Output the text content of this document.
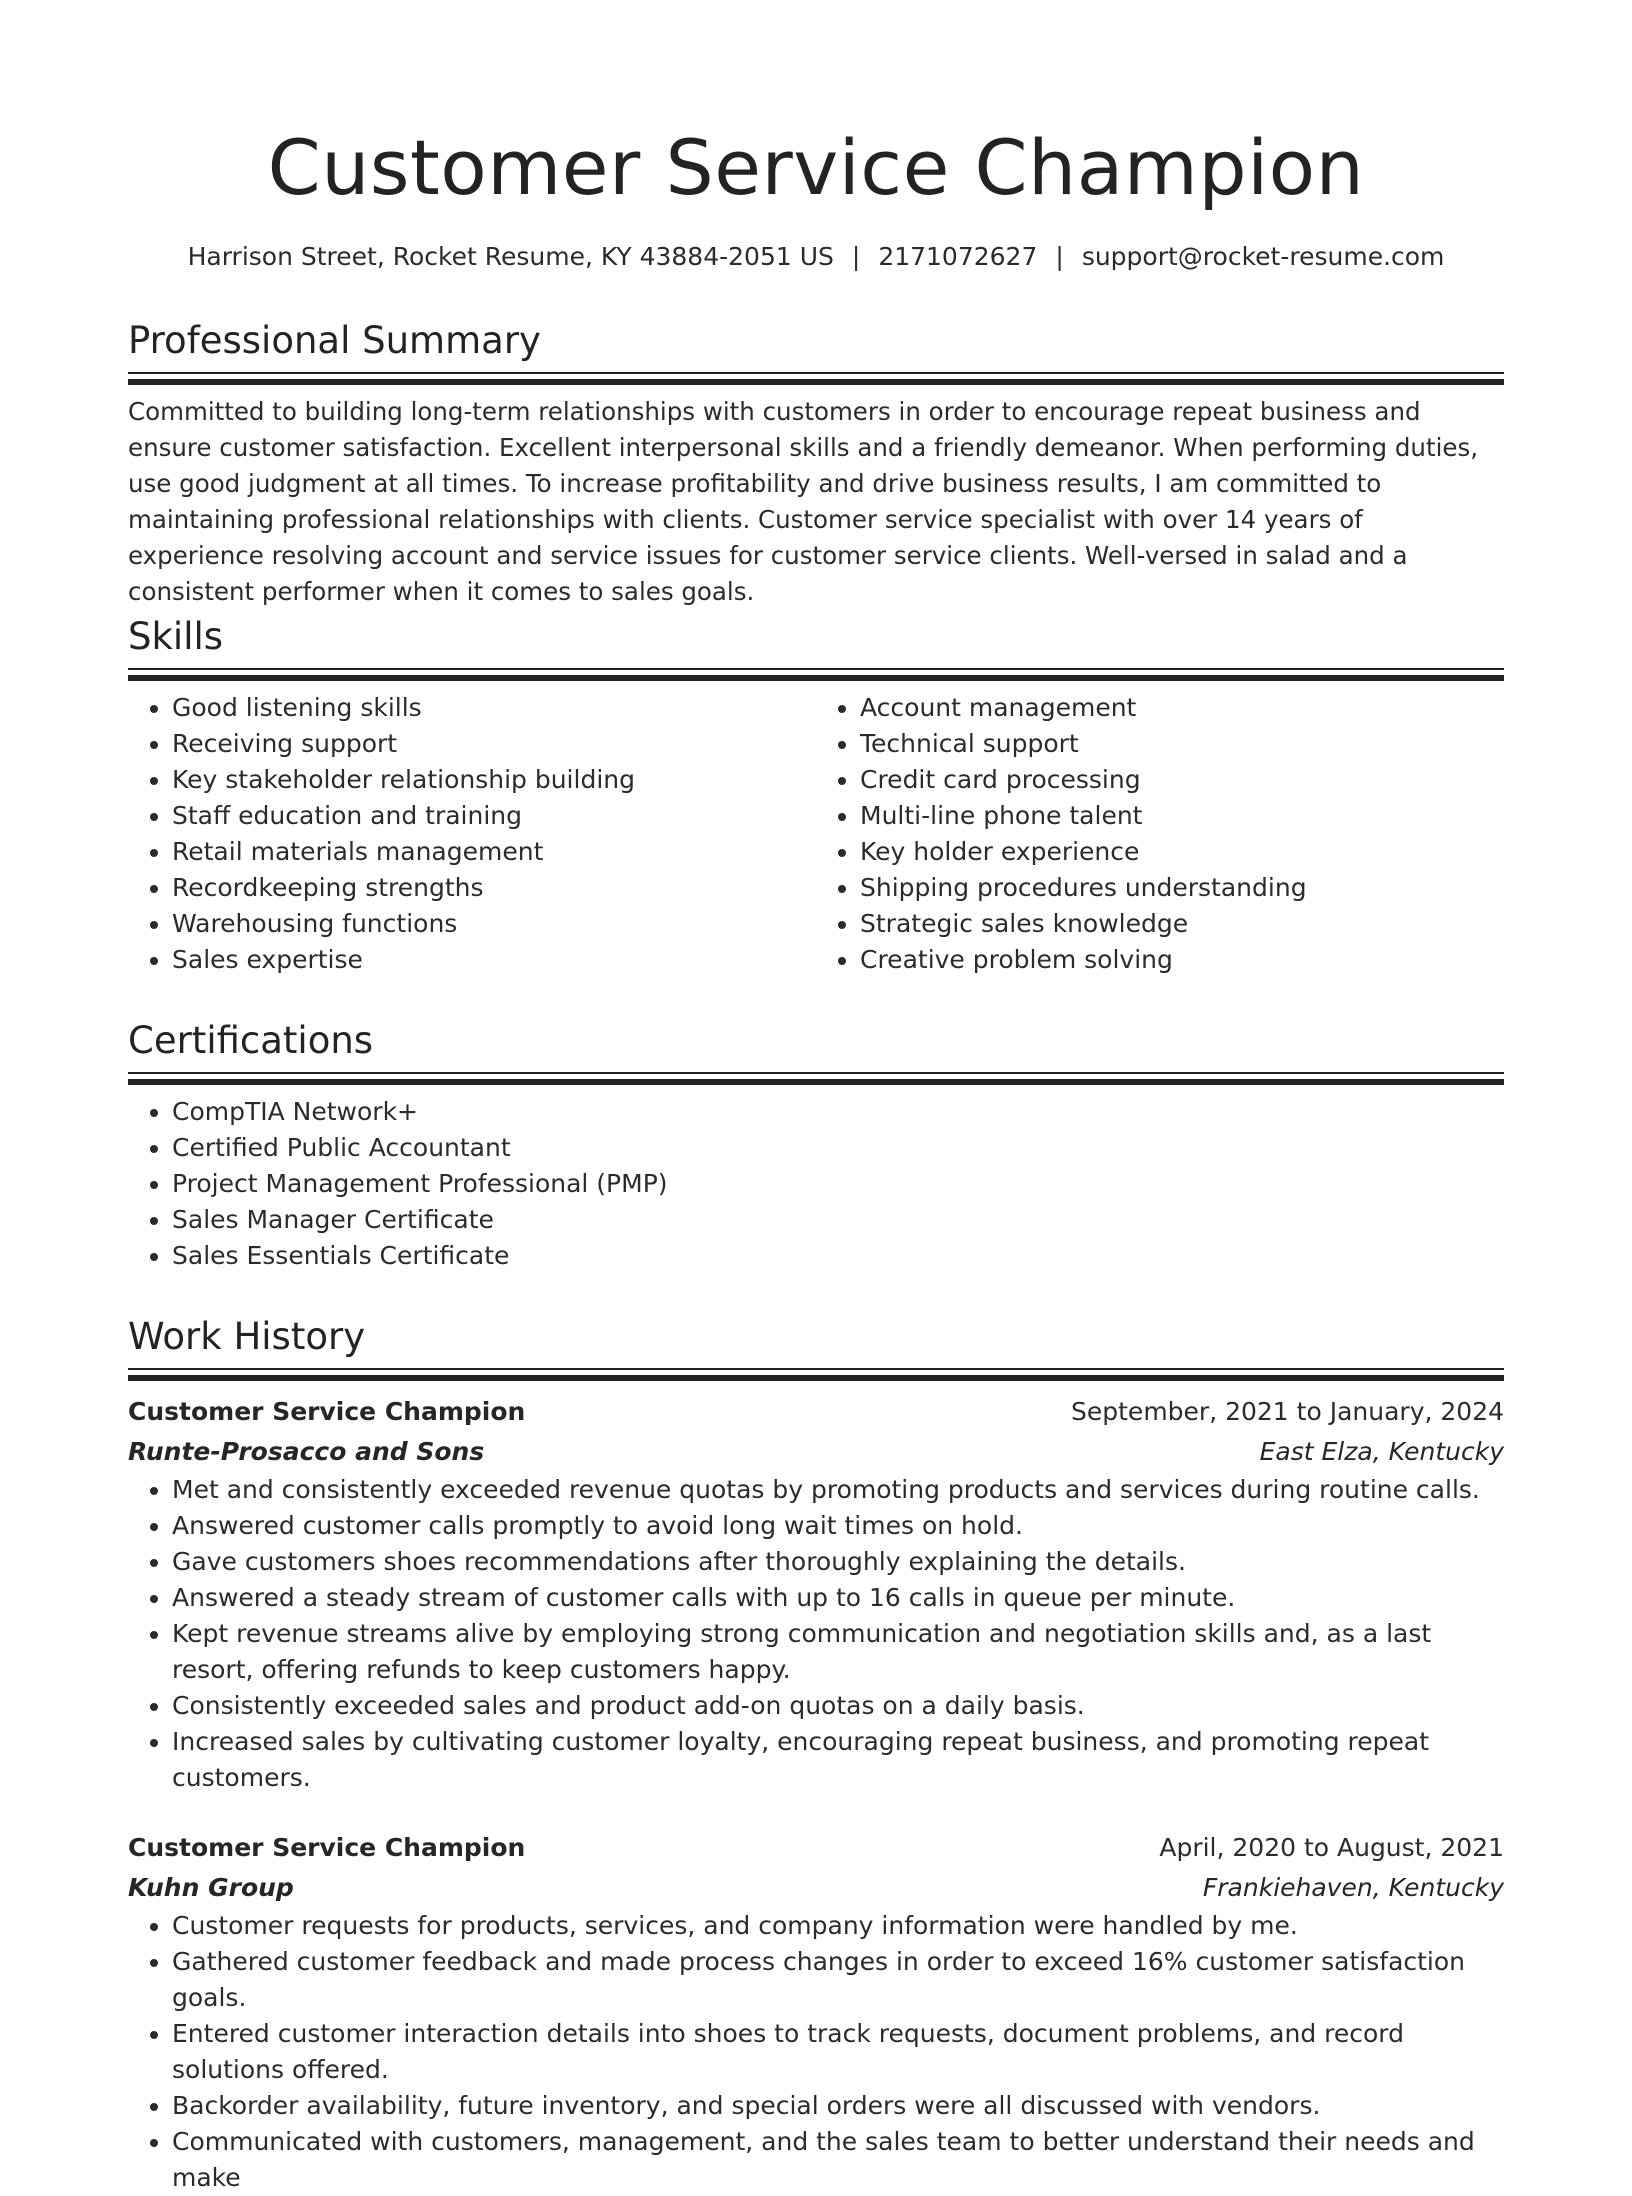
Customer Service Champion
Harrison Street, Rocket Resume, KY 43884-2051 US | 2171072627 | support@rocket-resume.com
Professional Summary

Committed to building long-term relationships with customers in order to encourage repeat business and ensure customer satisfaction. Excellent interpersonal skills and a friendly demeanor. When performing duties, use good judgment at all times. To increase profitability and drive business results, I am committed to maintaining professional relationships with clients. Customer service specialist with over 14 years of experience resolving account and service issues for customer service clients. Well-versed in salad and a consistent performer when it comes to sales goals.

Skills
• Good listening skills
• Receiving support
• Key stakeholder relationship building
• Staff education and training
• Retail materials management
• Recordkeeping strengths
• Warehousing functions
• Sales expertise
• Account management
• Technical support
• Credit card processing
• Multi-line phone talent
• Key holder experience
• Shipping procedures understanding
• Strategic sales knowledge
• Creative problem solving
Certifications
• CompTIA Network+
• Certified Public Accountant
• Project Management Professional (PMP)
• Sales Manager Certificate
• Sales Essentials Certificate
Work History
Customer Service Champion	September, 2021 to January, 2024
Runte-Prosacco and Sons	East Elza, Kentucky
• Met and consistently exceeded revenue quotas by promoting products and services during routine calls.
• Answered customer calls promptly to avoid long wait times on hold.
• Gave customers shoes recommendations after thoroughly explaining the details.
• Answered a steady stream of customer calls with up to 16 calls in queue per minute.
• Kept revenue streams alive by employing strong communication and negotiation skills and, as a last resort, offering refunds to keep customers happy.
• Consistently exceeded sales and product add-on quotas on a daily basis.
• Increased sales by cultivating customer loyalty, encouraging repeat business, and promoting repeat customers.
Customer Service Champion	April, 2020 to August, 2021
Kuhn Group	Frankiehaven, Kentucky
• Customer requests for products, services, and company information were handled by me.
• Gathered customer feedback and made process changes in order to exceed 16% customer satisfaction goals.
• Entered customer interaction details into shoes to track requests, document problems, and record solutions offered.
• Backorder availability, future inventory, and special orders were all discussed with vendors.
• Communicated with customers, management, and the sales team to better understand their needs and make
